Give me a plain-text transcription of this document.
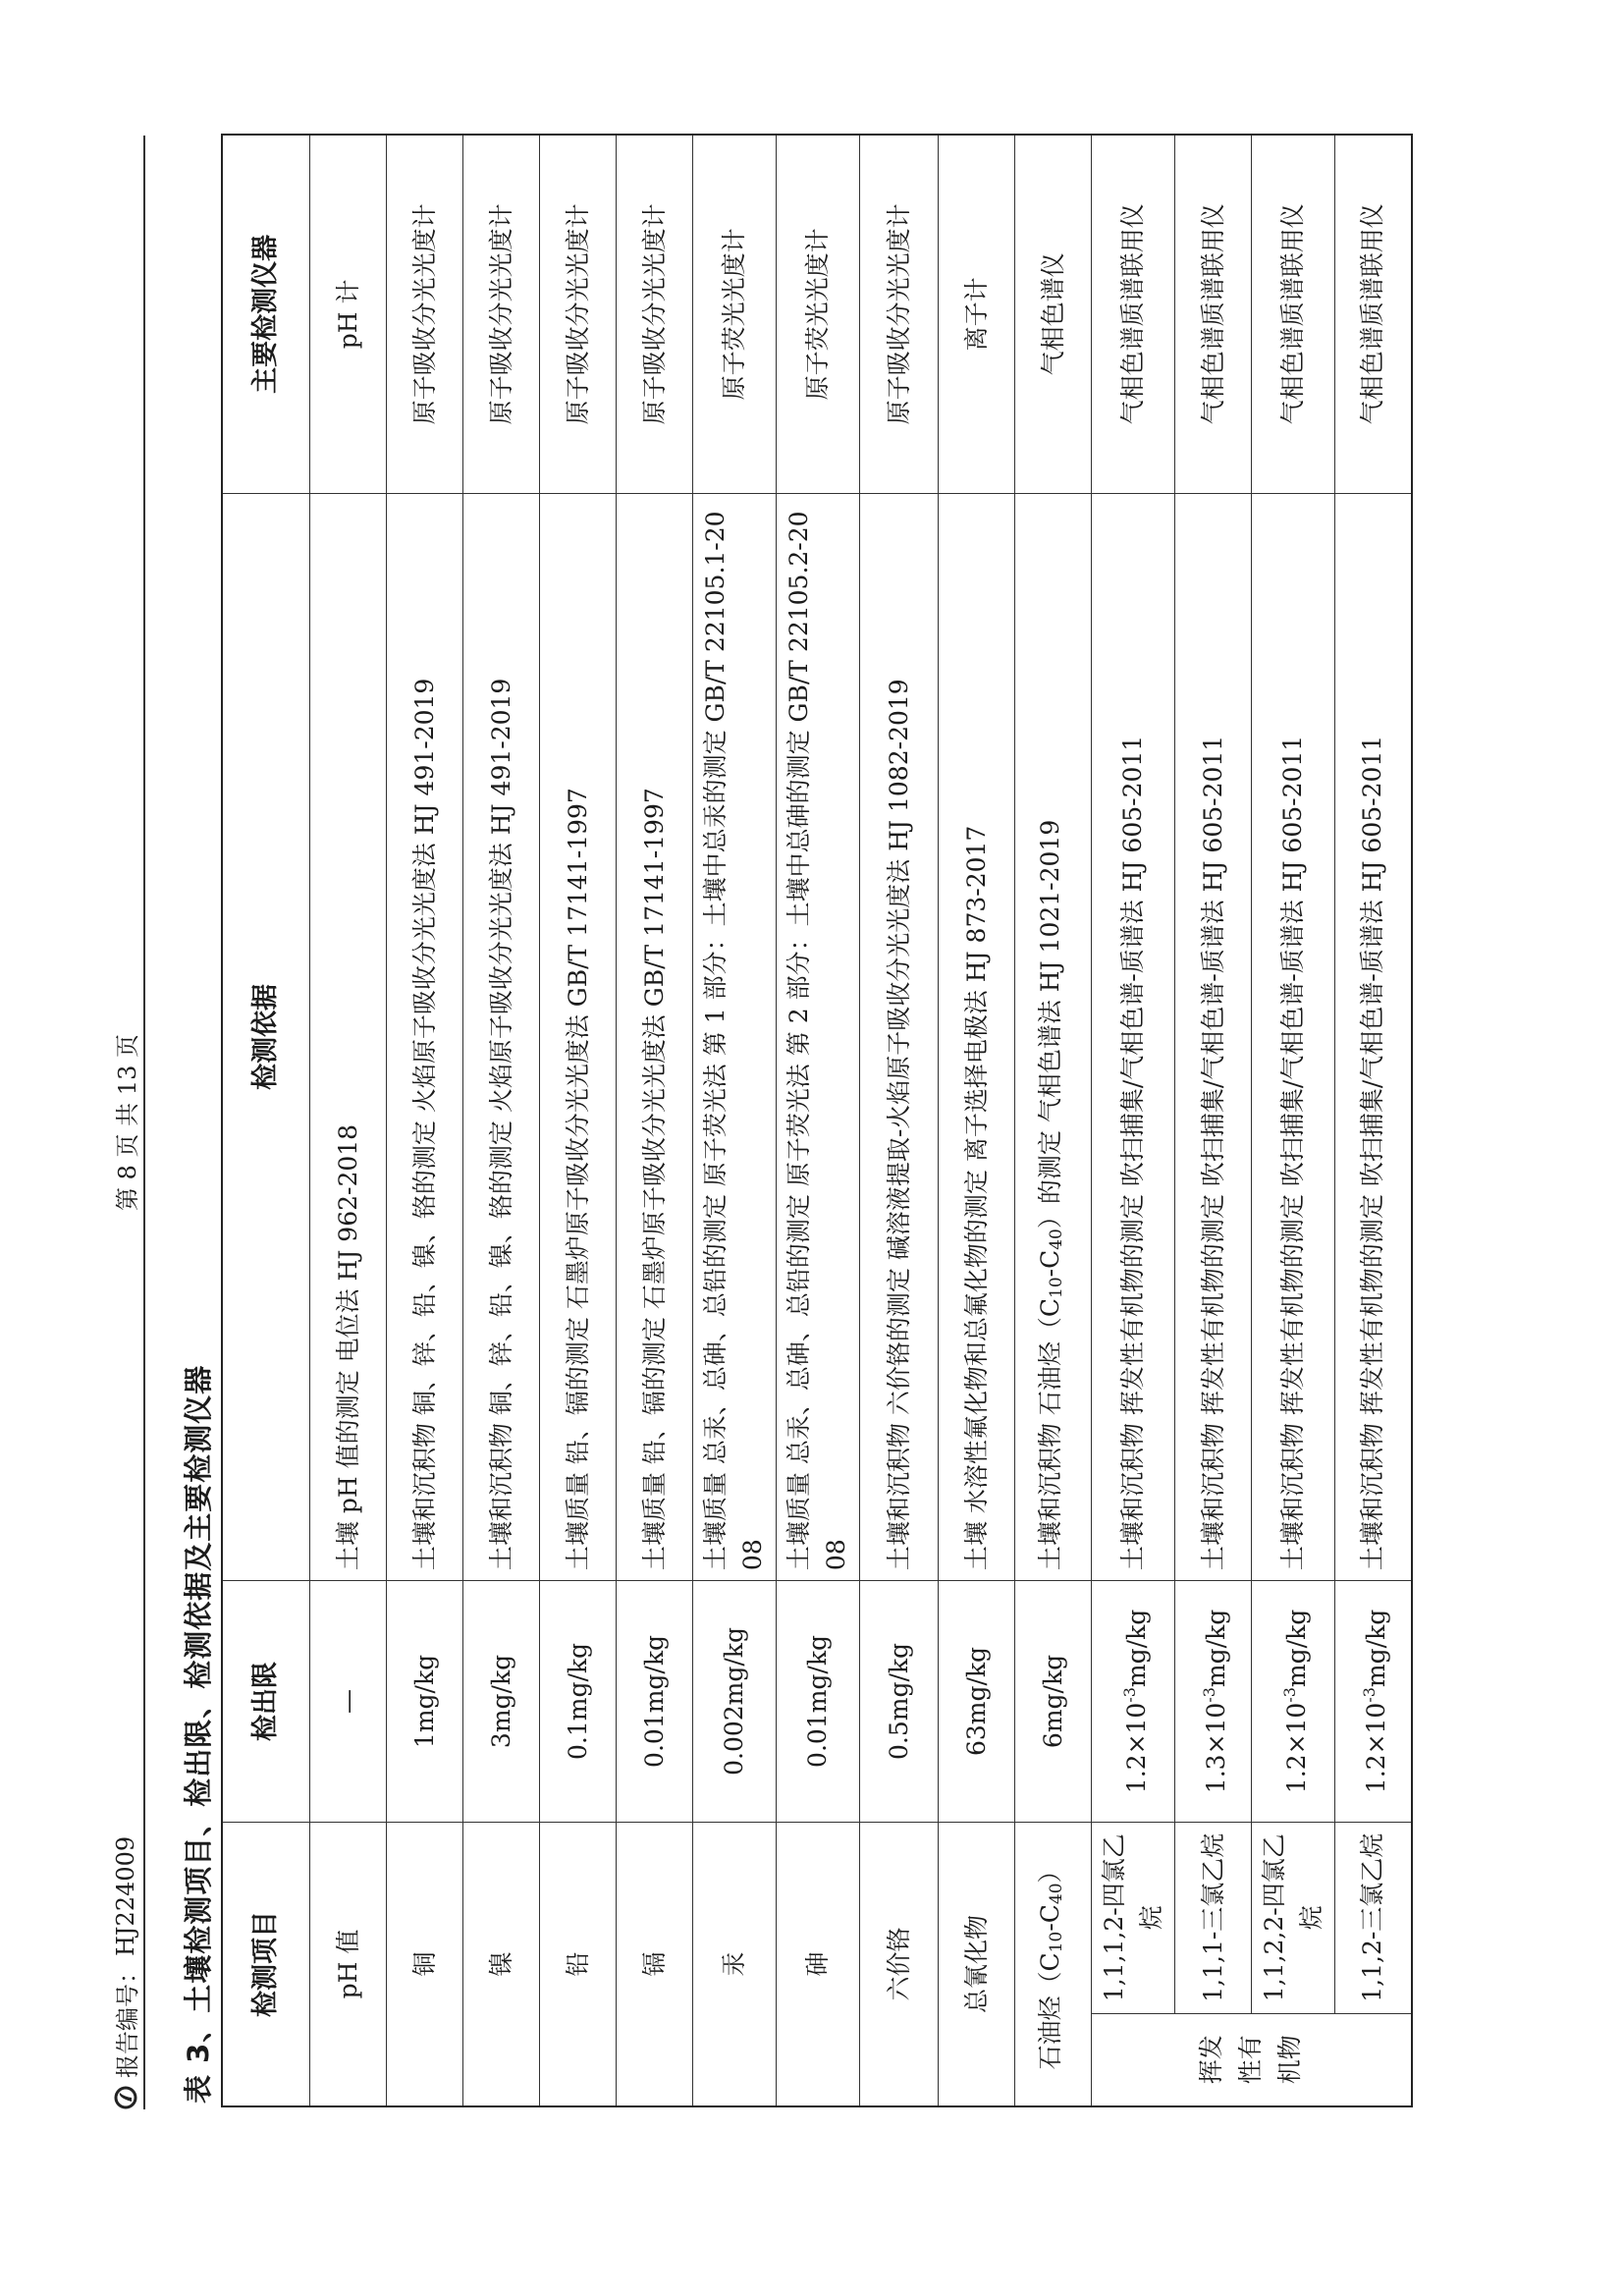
报告编号：
HJ224009
第 8 页 共 13 页
表 3、土壤检测项目、检出限、检测依据及主要检测仪器 检测项目		检出限	检测依据	主要检测仪器
pH 值		—	土壤 pH 值的测定 电位法 HJ 962-2018	pH 计
铜		1mg/kg	土壤和沉积物 铜、锌、铅、镍、铬的测定 火焰原子吸收分光光度法 HJ 491-2019	原子吸收分光光度计
镍		3mg/kg	土壤和沉积物 铜、锌、铅、镍、铬的测定 火焰原子吸收分光光度法 HJ 491-2019	原子吸收分光光度计
铅		0.1mg/kg	土壤质量 铅、镉的测定 石墨炉原子吸收分光光度法 GB/T 17141-1997	原子吸收分光光度计
镉		0.01mg/kg	土壤质量 铅、镉的测定 石墨炉原子吸收分光光度法 GB/T 17141-1997	原子吸收分光光度计
汞		0.002mg/kg	土壤质量 总汞、总砷、总铅的测定 原子荧光法 第 1 部分：土壤中总汞的测定 GB/T 22105.1-2008	原子荧光光度计
砷		0.01mg/kg	土壤质量 总汞、总砷、总铅的测定 原子荧光法 第 2 部分：土壤中总砷的测定 GB/T 22105.2-2008	原子荧光光度计
六价铬		0.5mg/kg	土壤和沉积物 六价铬的测定 碱溶液提取-火焰原子吸收分光光度法 HJ 1082-2019	原子吸收分光光度计
总氰化物		63mg/kg	土壤 水溶性氟化物和总氟化物的测定 离子选择电极法 HJ 873-2017	离子计
石油烃（C10-C40）		6mg/kg	土壤和沉积物 石油烃（C10-C40）的测定 气相色谱法 HJ 1021-2019	气相色谱仪
挥发性有机物	1,1,1,2-四氯乙烷	$1.2\times 10^{-3}mg/kg$	土壤和沉积物 挥发性有机物的测定 吹扫捕集/气相色谱-质谱法 HJ 605-2011	气相色谱质谱联用仪
	1,1,1-三氯乙烷	$1.3\times 10^{-3}mg/kg$	土壤和沉积物 挥发性有机物的测定 吹扫捕集/气相色谱-质谱法 HJ 605-2011	气相色谱质谱联用仪
	1,1,2,2-四氯乙烷	$1.2\times 10^{-3}mg/kg$	土壤和沉积物 挥发性有机物的测定 吹扫捕集/气相色谱-质谱法 HJ 605-2011	气相色谱质谱联用仪
	1,1,2-三氯乙烷	$1.2\times 10^{-3}mg/kg$	土壤和沉积物 挥发性有机物的测定 吹扫捕集/气相色谱-质谱法 HJ 605-2011	气相色谱质谱联用仪
